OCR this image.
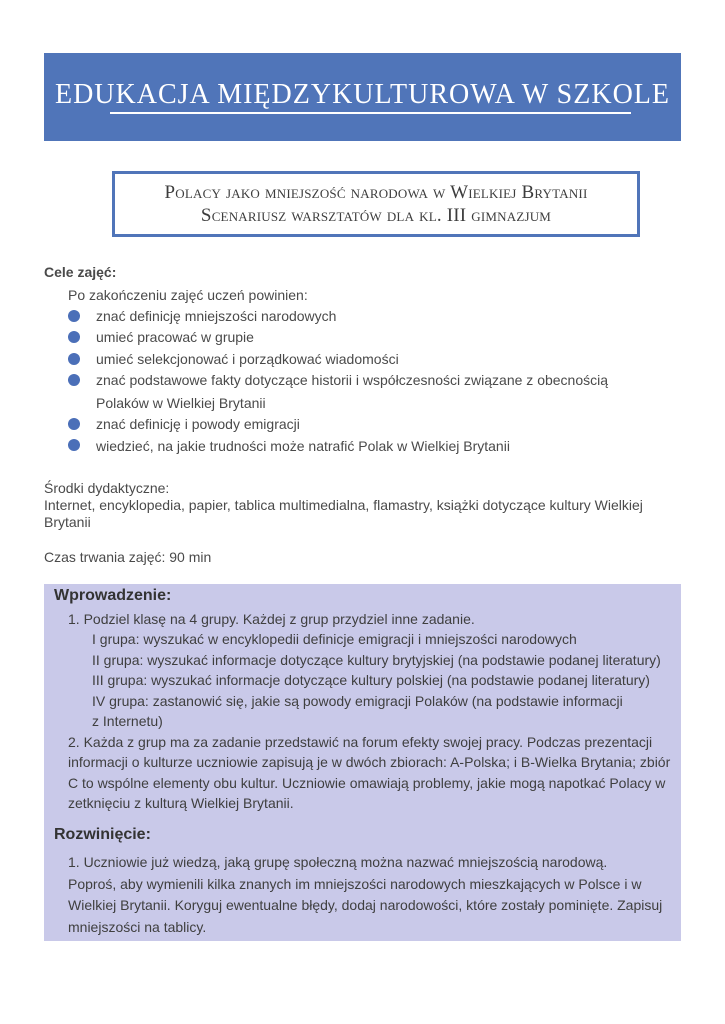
EDUKACJA MIĘDZYKULTUROWA W SZKOLE
Polacy jako mniejszość narodowa w Wielkiej Brytanii
Scenariusz warsztatów dla kl. III gimnazjum
Cele zajęć:
Po zakończeniu zajęć uczeń powinien:
znać definicję mniejszości narodowych
umieć pracować w grupie
umieć selekcjonować i porządkować wiadomości
znać podstawowe fakty dotyczące historii i współczesności związane z obecnością
Polaków w Wielkiej Brytanii
znać definicję i powody emigracji
wiedzieć, na jakie trudności może natrafić Polak w Wielkiej Brytanii
Środki dydaktyczne:
Internet, encyklopedia, papier, tablica multimedialna, flamastry, książki dotyczące kultury Wielkiej
Brytanii
Czas trwania zajęć: 90 min
Wprowadzenie:
1. Podziel klasę na 4 grupy. Każdej z grup przydziel inne zadanie.
I grupa: wyszukać w encyklopedii definicje emigracji i mniejszości narodowych
II grupa: wyszukać informacje dotyczące kultury brytyjskiej (na podstawie podanej literatury)
III grupa: wyszukać informacje dotyczące kultury polskiej (na podstawie podanej literatury)
IV grupa: zastanowić się, jakie są powody emigracji Polaków (na podstawie informacji
z Internetu)
2. Każda z grup ma za zadanie przedstawić na forum efekty swojej pracy. Podczas prezentacji
informacji o kulturze uczniowie zapisują je w dwóch zbiorach: A-Polska; i B-Wielka Brytania; zbiór
C to wspólne elementy obu kultur. Uczniowie omawiają problemy, jakie mogą napotkać Polacy w
zetknięciu z kulturą Wielkiej Brytanii.
Rozwinięcie:
1. Uczniowie już wiedzą, jaką grupę społeczną można nazwać mniejszością narodową.
Poproś, aby wymienili kilka znanych im mniejszości narodowych mieszkających w Polsce i w
Wielkiej Brytanii. Koryguj ewentualne błędy, dodaj narodowości, które zostały pominięte. Zapisuj
mniejszości na tablicy.
